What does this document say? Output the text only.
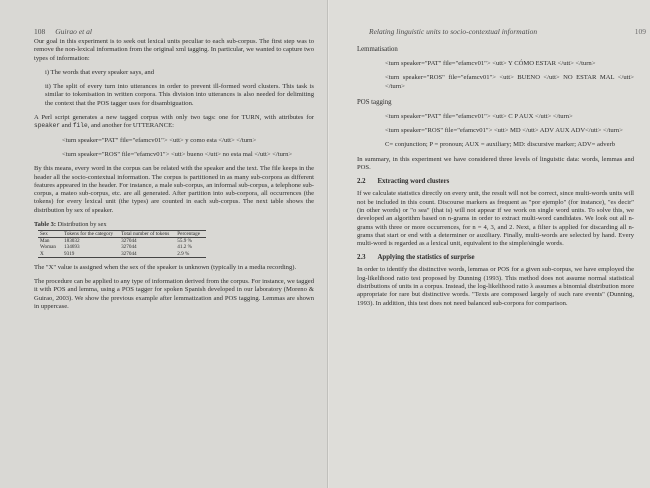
108 Guirao et al

Our goal in this experiment is to seek out lexical units peculiar to each sub-corpus. The first step was to remove the non-lexical information from the original xml tagging. In particular, we wanted to capture two types of information:

i) The words that every speaker says, and

ii) The split of every turn into utterances in order to prevent ill-formed word clusters. This task is similar to tokenisation in written corpora. This division into utterances is also needed for delimiting the context that the POS tagger uses for disambiguation.

A Perl script generates a new tagged corpus with only two tags: one for TURN, with attributes for speaker and file, and another for UTTERANCE:

<turn speaker="PAT" file="efamcv01"> <utt> y como esta </utt> </turn>

<turn speaker="ROS" file="efamcv01"> <utt> bueno </utt> no esta mal </utt> </turn>

By this means, every word in the corpus can be related with the speaker and the text. The file keeps in the header all the socio-contextual information. The corpus is partitioned in as many sub-corpora as different features appeared in the header. For instance, a male sub-corpus, an informal sub-corpus, a telephone sub-corpus, a mateo sub-corpus, etc. are all generated. After partition into sub-corpora, all occurrences (the tokens) for every lexical unit (the types) are counted in each sub-corpus. The next table shows the distribution by sex of speaker.

Table 3: Distribution by sex
Sex	Tokens for the category	Total number of tokens	Percentage
Man	183032	327044	55.9 %
Woman	134693	327044	41.2 %
X	9319	327044	2.9 %

The "X" value is assigned when the sex of the speaker is unknown (typically in a media recording).

The procedure can be applied to any type of information derived from the corpus. For instance, we tagged it with POS and lemma, using a POS tagger for spoken Spanish developed in our laboratory (Moreno & Guirao, 2003). We show the previous example after lemmatization and POS tagging. Lemmas are shown in uppercase.

Relating linguistic units to socio-contextual information	109
Lemmatisation

<turn speaker="PAT" file="efamcv01"> <utt> Y CÓMO ESTAR </utt> </turn>

<turn speaker="ROS" file="efamcv01"> <utt> BUENO </utt> NO ESTAR MAL </utt> </turn>

POS tagging

<turn speaker="PAT" file="efamcv01"> <utt> C P AUX </utt> </turn>

<turn speaker="ROS" file="efamcv01"> <utt> MD </utt> ADV AUX ADV</utt> </turn>

C= conjunction; P = pronoun; AUX = auxiliary; MD: discursive marker; ADV= adverb

In summary, in this experiment we have considered three levels of linguistic data: words, lemmas and POS.

2.2 Extracting word clusters

If we calculate statistics directly on every unit, the result will not be correct, since multi-words units will not be included in this count. Discourse markers as frequent as "por ejemplo" (for instance), "es decir" (in other words) or "o sea" (that is) will not appear if we work on single word units. To solve this, we developed an algorithm based on n-grams in order to extract multi-word candidates. We look out all n-grams with three or more occurrences, for n = 4, 3, and 2. Next, a filter is applied for discarding all n-grams that start or end with a determiner or auxiliary. Finally, multi-words are selected by hand. Every multi-word is regarded as a lexical unit, equivalent to the simple/single words.

2.3 Applying the statistics of surprise

In order to identify the distinctive words, lemmas or POS for a given sub-corpus, we have employed the log-likelihood ratio test proposed by Dunning (1993). This method does not assume normal statistical distributions of units in a corpus. Instead, the log-likelihood ratio λ assumes a binomial distribution more appropriate for rare but distinctive words. "Texts are composed largely of such rare events" (Dunning, 1993). In addition, this test does not need balanced sub-corpora for comparison.
